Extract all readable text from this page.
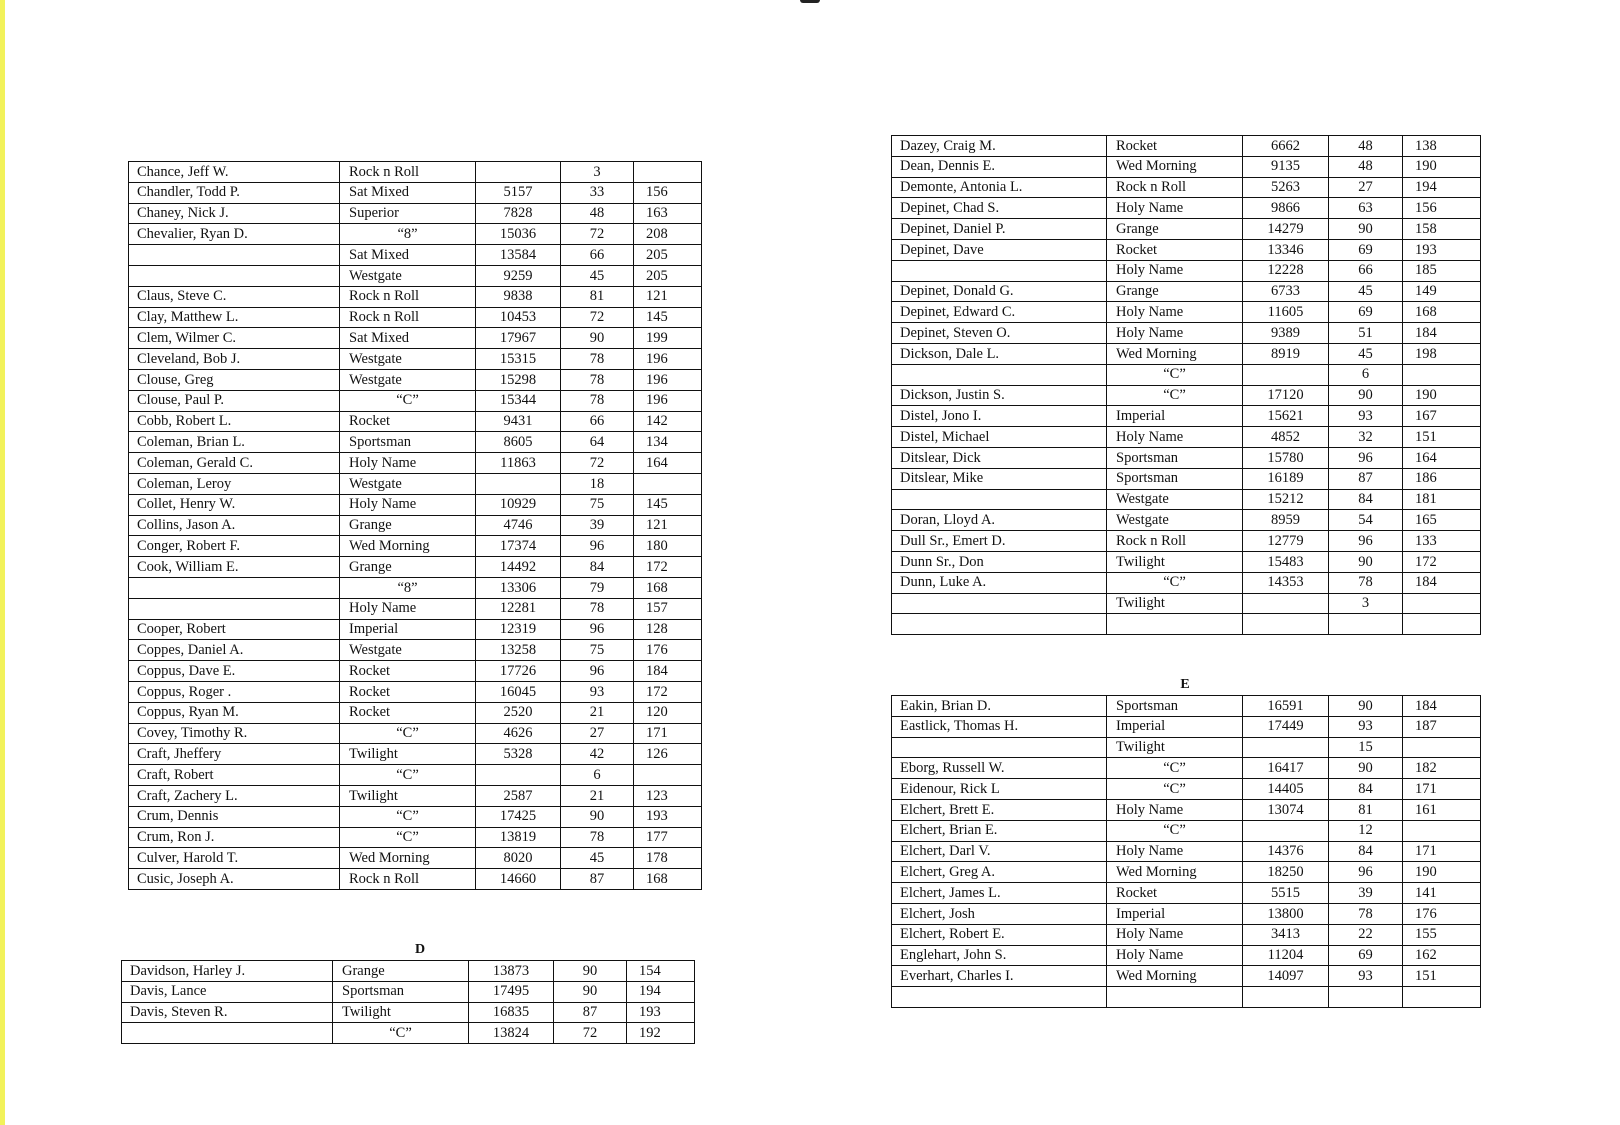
Chance, Jeff W.	Rock n Roll		3	
Chandler, Todd P.	Sat Mixed	5157	33	156
Chaney, Nick J.	Superior	7828	48	163
Chevalier, Ryan D.	“8”	15036	72	208
	Sat Mixed	13584	66	205
	Westgate	9259	45	205
Claus, Steve C.	Rock n Roll	9838	81	121
Clay, Matthew L.	Rock n Roll	10453	72	145
Clem, Wilmer C.	Sat Mixed	17967	90	199
Cleveland, Bob J.	Westgate	15315	78	196
Clouse, Greg	Westgate	15298	78	196
Clouse, Paul P.	“C”	15344	78	196
Cobb, Robert L.	Rocket	9431	66	142
Coleman, Brian L.	Sportsman	8605	64	134
Coleman, Gerald C.	Holy Name	11863	72	164
Coleman, Leroy	Westgate		18	
Collet, Henry W.	Holy Name	10929	75	145
Collins, Jason A.	Grange	4746	39	121
Conger, Robert F.	Wed Morning	17374	96	180
Cook, William E.	Grange	14492	84	172
	“8”	13306	79	168
	Holy Name	12281	78	157
Cooper, Robert	Imperial	12319	96	128
Coppes, Daniel A.	Westgate	13258	75	176
Coppus, Dave E.	Rocket	17726	96	184
Coppus, Roger .	Rocket	16045	93	172
Coppus, Ryan M.	Rocket	2520	21	120
Covey, Timothy R.	“C”	4626	27	171
Craft, Jheffery	Twilight	5328	42	126
Craft, Robert	“C”		6	
Craft, Zachery L.	Twilight	2587	21	123
Crum, Dennis	“C”	17425	90	193
Crum, Ron J.	“C”	13819	78	177
Culver, Harold T.	Wed Morning	8020	45	178
Cusic, Joseph A.	Rock n Roll	14660	87	168
D
Davidson, Harley J.	Grange	13873	90	154
Davis, Lance	Sportsman	17495	90	194
Davis, Steven R.	Twilight	16835	87	193
	“C”	13824	72	192
Dazey, Craig M.	Rocket	6662	48	138
Dean, Dennis E.	Wed Morning	9135	48	190
Demonte, Antonia L.	Rock n Roll	5263	27	194
Depinet, Chad S.	Holy Name	9866	63	156
Depinet, Daniel P.	Grange	14279	90	158
Depinet, Dave	Rocket	13346	69	193
	Holy Name	12228	66	185
Depinet, Donald G.	Grange	6733	45	149
Depinet, Edward C.	Holy Name	11605	69	168
Depinet, Steven O.	Holy Name	9389	51	184
Dickson, Dale L.	Wed Morning	8919	45	198
	“C”		6	
Dickson, Justin S.	“C”	17120	90	190
Distel, Jono I.	Imperial	15621	93	167
Distel, Michael	Holy Name	4852	32	151
Ditslear, Dick	Sportsman	15780	96	164
Ditslear, Mike	Sportsman	16189	87	186
	Westgate	15212	84	181
Doran, Lloyd A.	Westgate	8959	54	165
Dull Sr., Emert D.	Rock n Roll	12779	96	133
Dunn Sr., Don	Twilight	15483	90	172
Dunn, Luke A.	“C”	14353	78	184
	Twilight		3	

E
Eakin, Brian D.	Sportsman	16591	90	184
Eastlick, Thomas H.	Imperial	17449	93	187
	Twilight		15	
Eborg, Russell W.	“C”	16417	90	182
Eidenour, Rick L	“C”	14405	84	171
Elchert, Brett E.	Holy Name	13074	81	161
Elchert, Brian E.	“C”		12	
Elchert, Darl V.	Holy Name	14376	84	171
Elchert, Greg A.	Wed Morning	18250	96	190
Elchert, James L.	Rocket	5515	39	141
Elchert, Josh	Imperial	13800	78	176
Elchert, Robert E.	Holy Name	3413	22	155
Englehart, John S.	Holy Name	11204	69	162
Everhart, Charles I.	Wed Morning	14097	93	151
